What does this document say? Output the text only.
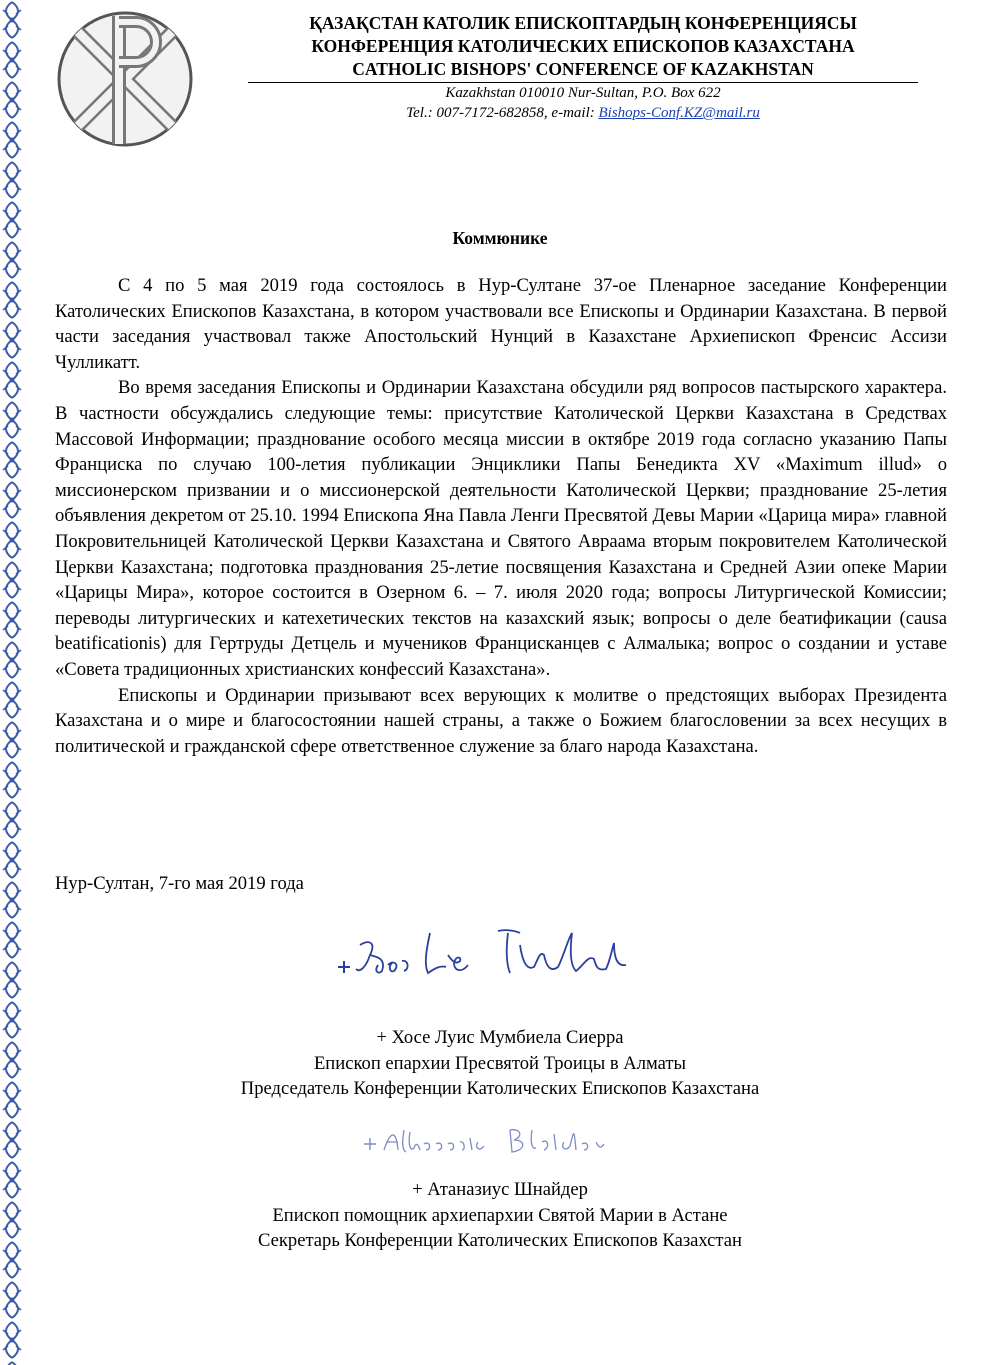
ҚАЗАҚСТАН КАТОЛИК ЕПИСКОПТАРДЫҢ КОНФЕРЕНЦИЯСЫ
КОНФЕРЕНЦИЯ КАТОЛИЧЕСКИХ ЕПИСКОПОВ КАЗАХСТАНА
CATHOLIC BISHOPS' CONFERENCE OF KAZAKHSTAN
Kazakhstan 010010 Nur-Sultan, P.O. Box 622
Tel.: 007-7172-682858, e-mail: Bishops-Conf.KZ@mail.ru
Коммюнике

С 4 по 5 мая 2019 года состоялось в Нур-Султане 37-ое Пленарное заседание Конференции Католических Епископов Казахстана, в котором участвовали все Епископы и Ординарии Казахстана. В первой части заседания участвовал также Апостольский Нунций в Казахстане Архиепископ Френсис Ассизи Чулликатт.

Во время заседания Епископы и Ординарии Казахстана обсудили ряд вопросов пастырского характера. В частности обсуждались следующие темы: присутствие Католической Церкви Казахстана в Средствах Массовой Информации; празднование особого месяца миссии в октябре 2019 года согласно указанию Папы Франциска по случаю 100-летия публикации Энциклики Папы Бенедикта XV «Maximum illud» о миссионерском призвании и о миссионерской деятельности Католической Церкви; празднование 25-летия объявления декретом от 25.10. 1994 Епископа Яна Павла Ленги Пресвятой Девы Марии «Царица мира» главной Покровительницей Католической Церкви Казахстана и Святого Авраама вторым покровителем Католической Церкви Казахстана; подготовка празднования 25-летие посвящения Казахстана и Средней Азии опеке Марии «Царицы Мира», которое состоится в Озерном 6. – 7. июля 2020 года; вопросы Литургической Комиссии; переводы литургических и катехетических текстов на казахский язык; вопросы о деле беатификации (causa beatificationis) для Гертруды Детцель и мучеников Францисканцев с Алмалыка; вопрос о создании и уставе «Совета традиционных христианских конфессий Казахстана».

Епископы и Ординарии призывают всех верующих к молитве о предстоящих выборах Президента Казахстана и о мире и благосостоянии нашей страны, а также о Божием благословении за всех несущих в политической и гражданской сфере ответственное служение за благо народа Казахстана.

Нур-Султан, 7-го мая 2019 года
+ Хосе Луис Мумбиела Сиерра
Епископ епархии Пресвятой Троицы в Алматы
Председатель Конференции Католических Епископов Казахстана
+ Атаназиус Шнайдер
Епископ помощник архиепархии Святой Марии в Астане
Секретарь Конференции Католических Епископов Казахстан
